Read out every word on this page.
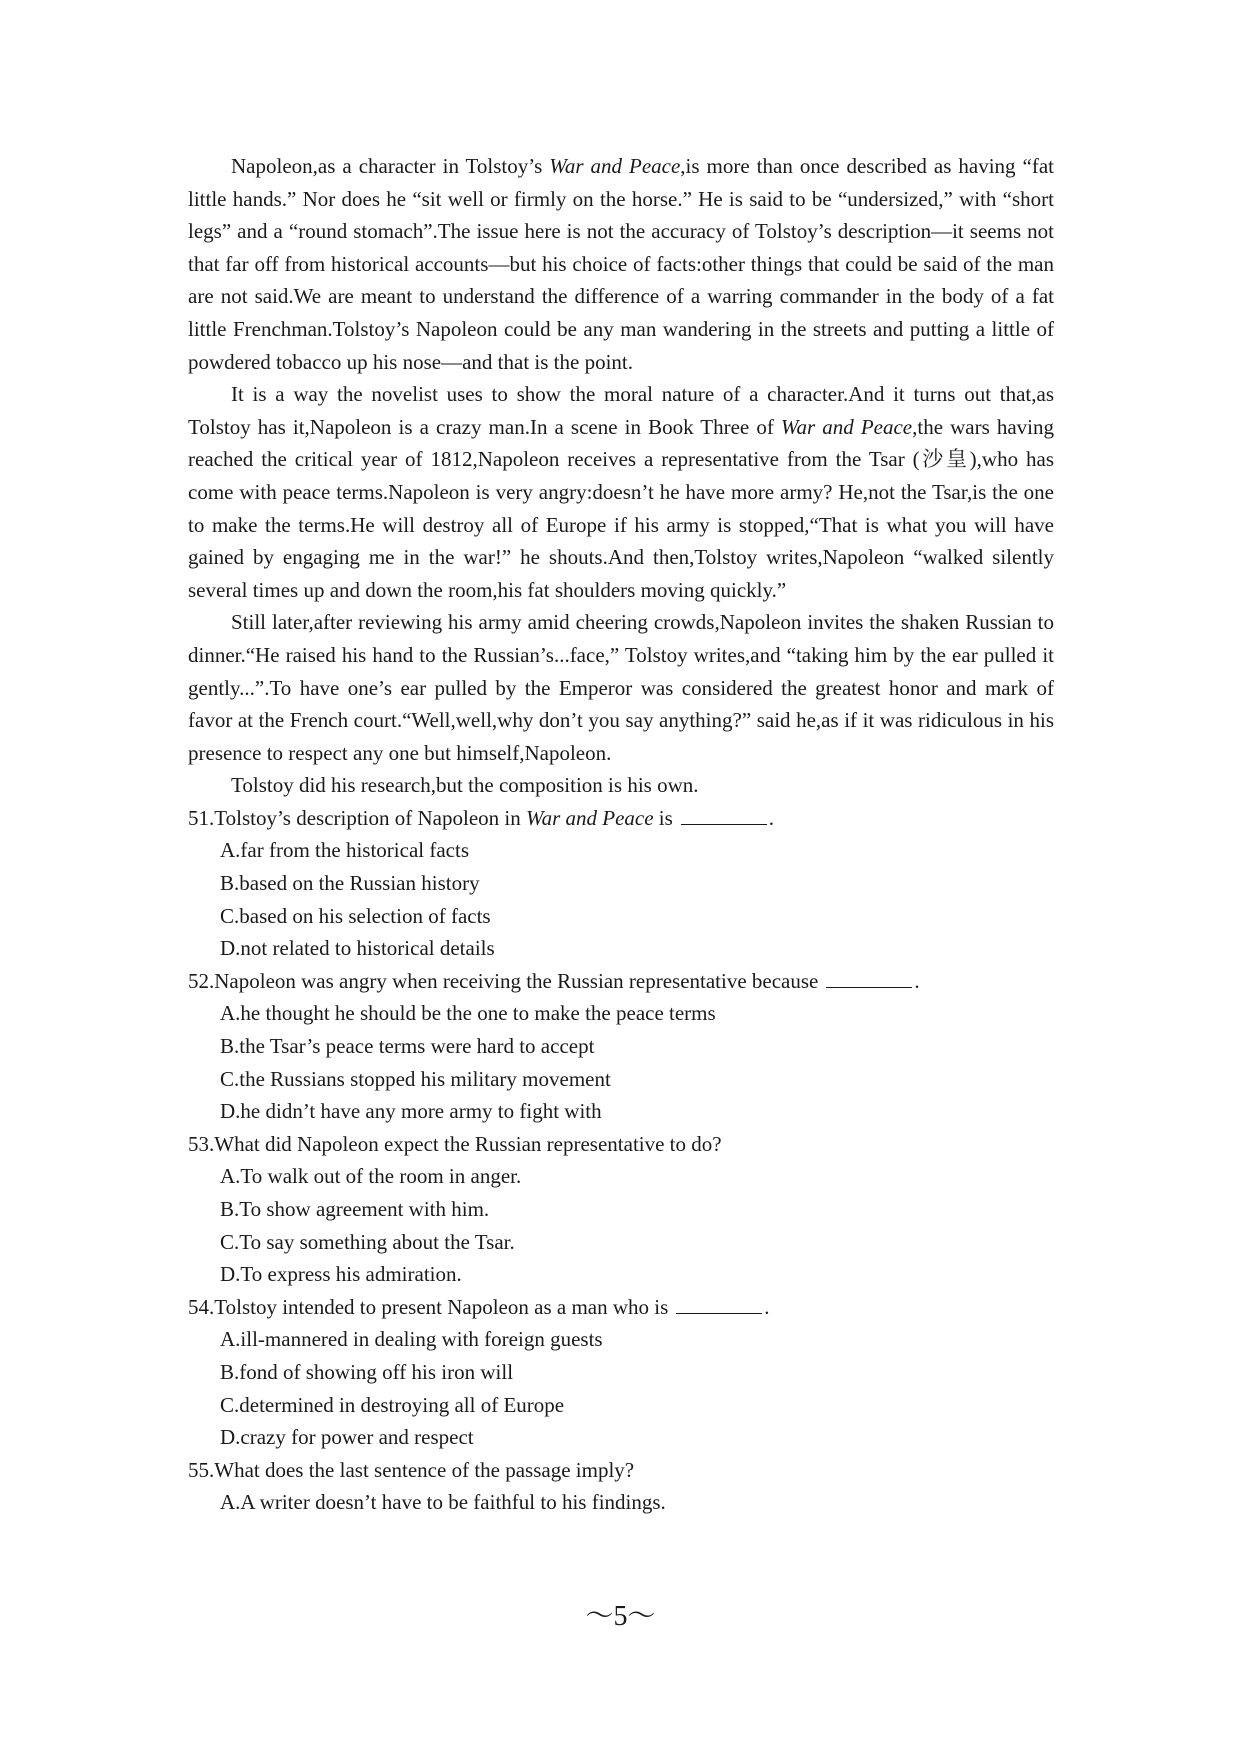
Napoleon,as a character in Tolstoy’s War and Peace,is more than once described as having “fat little hands.” Nor does he “sit well or firmly on the horse.” He is said to be “undersized,” with “short legs” and a “round stomach”.The issue here is not the accuracy of Tolstoy’s description—it seems not that far off from historical accounts—but his choice of facts:other things that could be said of the man are not said.We are meant to understand the difference of a warring commander in the body of a fat little Frenchman.Tolstoy’s Napoleon could be any man wandering in the streets and putting a little of powdered tobacco up his nose—and that is the point.

It is a way the novelist uses to show the moral nature of a character.And it turns out that,as Tolstoy has it,Napoleon is a crazy man.In a scene in Book Three of War and Peace,the wars having reached the critical year of 1812,Napoleon receives a representative from the Tsar (沙皇),who has come with peace terms.Napoleon is very angry:doesn’t he have more army? He,not the Tsar,is the one to make the terms.He will destroy all of Europe if his army is stopped,“That is what you will have gained by engaging me in the war!” he shouts.And then,Tolstoy writes,Napoleon “walked silently several times up and down the room,his fat shoulders moving quickly.”

Still later,after reviewing his army amid cheering crowds,Napoleon invites the shaken Russian to dinner.“He raised his hand to the Russian’s...face,” Tolstoy writes,and “taking him by the ear pulled it gently...”.To have one’s ear pulled by the Emperor was considered the greatest honor and mark of favor at the French court.“Well,well,why don’t you say anything?” said he,as if it was ridiculous in his presence to respect any one but himself,Napoleon.

Tolstoy did his research,but the composition is his own.

51.Tolstoy’s description of Napoleon in War and Peace is	.

A.far from the historical facts

B.based on the Russian history

C.based on his selection of facts

D.not related to historical details

52.Napoleon was angry when receiving the Russian representative because	.

A.he thought he should be the one to make the peace terms

B.the Tsar’s peace terms were hard to accept

C.the Russians stopped his military movement

D.he didn’t have any more army to fight with

53.What did Napoleon expect the Russian representative to do?

A.To walk out of the room in anger.

B.To show agreement with him.

C.To say something about the Tsar.

D.To express his admiration.

54.Tolstoy intended to present Napoleon as a man who is	.

A.ill-mannered in dealing with foreign guests

B.fond of showing off his iron will

C.determined in destroying all of Europe

D.crazy for power and respect

55.What does the last sentence of the passage imply?

A.A writer doesn’t have to be faithful to his findings.

～5～
